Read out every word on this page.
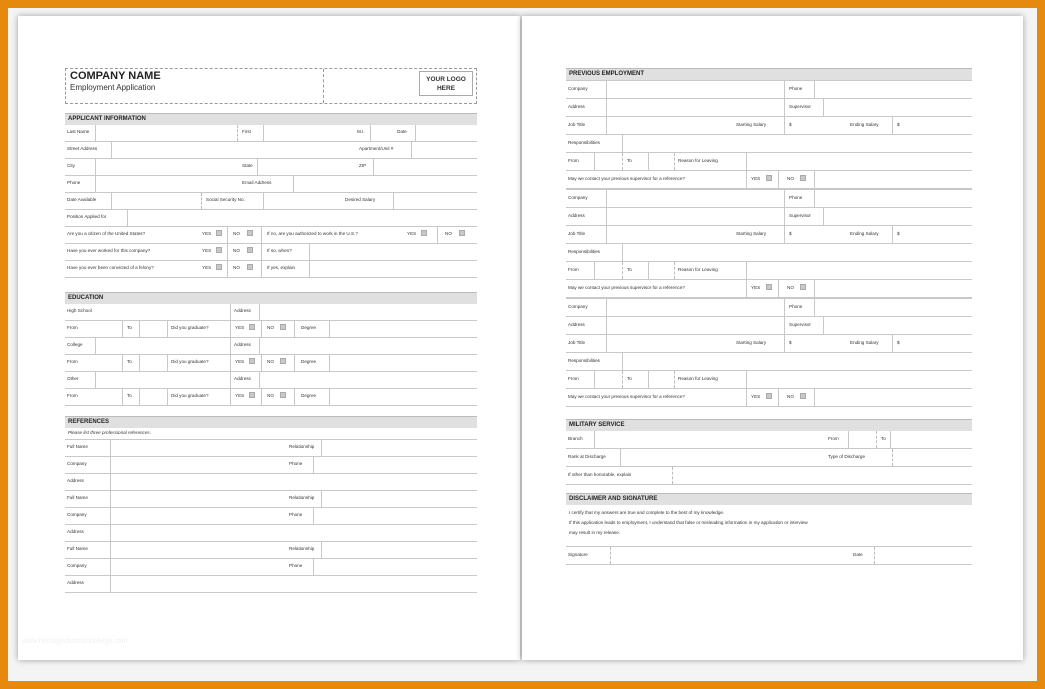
COMPANY NAME
Employment Application
YOUR LOGO
HERE
APPLICANT INFORMATION
Last Name	First	M.I.	Date
Street Address	Apartment/Unit #
City	State	ZIP
Phone	Email Address
Date Available	Social Security No.	Desired Salary
Position Applied for
Are you a citizen of the United States?	YES	NO	If no, are you authorized to work in the U.S.?	YES	NO
Have you ever worked for this company?	YES	NO	If so, when?
Have you ever been convicted of a felony?	YES	NO	If yes, explain
EDUCATION
High School	Address
From	To	Did you graduate?	YES	NO	Degree
College	Address
From	To	Did you graduate?	YES	NO	Degree
Other	Address
From	To	Did you graduate?	YES	NO	Degree
REFERENCES
Please list three professional references.
Full Name	Relationship
Company	Phone
Address
Full Name	Relationship
Company	Phone
Address
Full Name	Relationship
Company	Phone
Address
www.heritagechristiancollege.com
PREVIOUS EMPLOYMENT
Company	Phone
Address	Supervisor
Job Title	Starting Salary	$	Ending Salary	$
Responsibilities
From	To	Reason for Leaving
May we contact your previous supervisor for a reference?	YES	NO
Company	Phone
Address	Supervisor
Job Title	Starting Salary	$	Ending Salary	$
Responsibilities
From	To	Reason for Leaving
May we contact your previous supervisor for a reference?	YES	NO
Company	Phone
Address	Supervisor
Job Title	Starting Salary	$	Ending Salary	$
Responsibilities
From	To	Reason for Leaving
May we contact your previous supervisor for a reference?	YES	NO
MILITARY SERVICE
Branch	From	To
Rank at Discharge	Type of Discharge
If other than honorable, explain
DISCLAIMER AND SIGNATURE
I certify that my answers are true and complete to the best of my knowledge.
If this application leads to employment, I understand that false or misleading information in my application or interview
may result in my release.
Signature	Date
